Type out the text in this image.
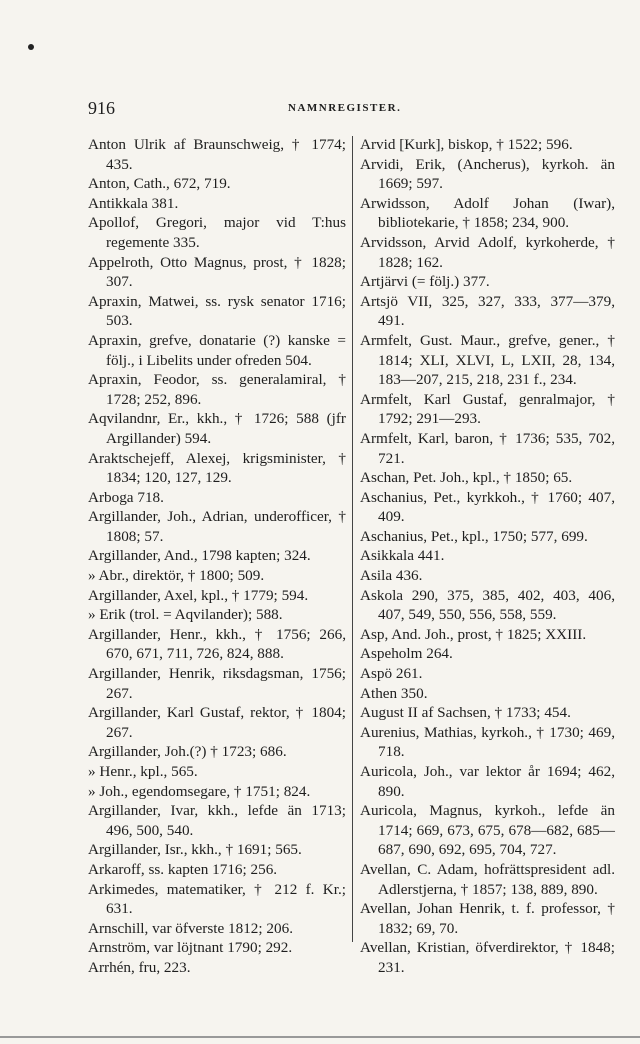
916	NAMNREGISTER.

Anton Ulrik af Braunschweig, † 1774; 435.

Anton, Cath., 672, 719.

Antikkala 381.

Apollof, Gregori, major vid T:hus regemente 335.

Appelroth, Otto Magnus, prost, † 1828; 307.

Apraxin, Matwei, ss. rysk senator 1716; 503.

Apraxin, grefve, donatarie (?) kanske = följ., i Libelits under ofreden 504.

Apraxin, Feodor, ss. generalamiral, † 1728; 252, 896.

Aqvilandnr, Er., kkh., † 1726; 588 (jfr Argillander) 594.

Araktschejeff, Alexej, krigsminister, † 1834; 120, 127, 129.

Arboga 718.

Argillander, Joh., Adrian, underofficer, † 1808; 57.

Argillander, And., 1798 kapten; 324.

» Abr., direktör, † 1800; 509.

Argillander, Axel, kpl., † 1779; 594.

» Erik (trol. = Aqvilander); 588.

Argillander, Henr., kkh., † 1756; 266, 670, 671, 711, 726, 824, 888.

Argillander, Henrik, riksdagsman, 1756; 267.

Argillander, Karl Gustaf, rektor, † 1804; 267.

Argillander, Joh.(?) † 1723; 686.

» Henr., kpl., 565.

» Joh., egendomsegare, † 1751; 824.

Argillander, Ivar, kkh., lefde än 1713; 496, 500, 540.

Argillander, Isr., kkh., † 1691; 565.

Arkaroff, ss. kapten 1716; 256.

Arkimedes, matematiker, † 212 f. Kr.; 631.

Arnschill, var öfverste 1812; 206.

Arnström, var löjtnant 1790; 292.

Arrhén, fru, 223.

Arvid [Kurk], biskop, † 1522; 596.

Arvidi, Erik, (Ancherus), kyrkoh. än 1669; 597.

Arwidsson, Adolf Johan (Iwar), bibliotekarie, † 1858; 234, 900.

Arvidsson, Arvid Adolf, kyrkoherde, † 1828; 162.

Artjärvi (= följ.) 377.

Artsjö VII, 325, 327, 333, 377—379, 491.

Armfelt, Gust. Maur., grefve, gener., † 1814; XLI, XLVI, L, LXII, 28, 134, 183—207, 215, 218, 231 f., 234.

Armfelt, Karl Gustaf, genralmajor, † 1792; 291—293.

Armfelt, Karl, baron, † 1736; 535, 702, 721.

Aschan, Pet. Joh., kpl., † 1850; 65.

Aschanius, Pet., kyrkkoh., † 1760; 407, 409.

Aschanius, Pet., kpl., 1750; 577, 699.

Asikkala 441.

Asila 436.

Askola 290, 375, 385, 402, 403, 406, 407, 549, 550, 556, 558, 559.

Asp, And. Joh., prost, † 1825; XXIII.

Aspeholm 264.

Aspö 261.

Athen 350.

August II af Sachsen, † 1733; 454.

Aurenius, Mathias, kyrkoh., † 1730; 469, 718.

Auricola, Joh., var lektor år 1694; 462, 890.

Auricola, Magnus, kyrkoh., lefde än 1714; 669, 673, 675, 678—682, 685—687, 690, 692, 695, 704, 727.

Avellan, C. Adam, hofrättspresident adl. Adlerstjerna, † 1857; 138, 889, 890.

Avellan, Johan Henrik, t. f. professor, † 1832; 69, 70.

Avellan, Kristian, öfverdirektor, † 1848; 231.
